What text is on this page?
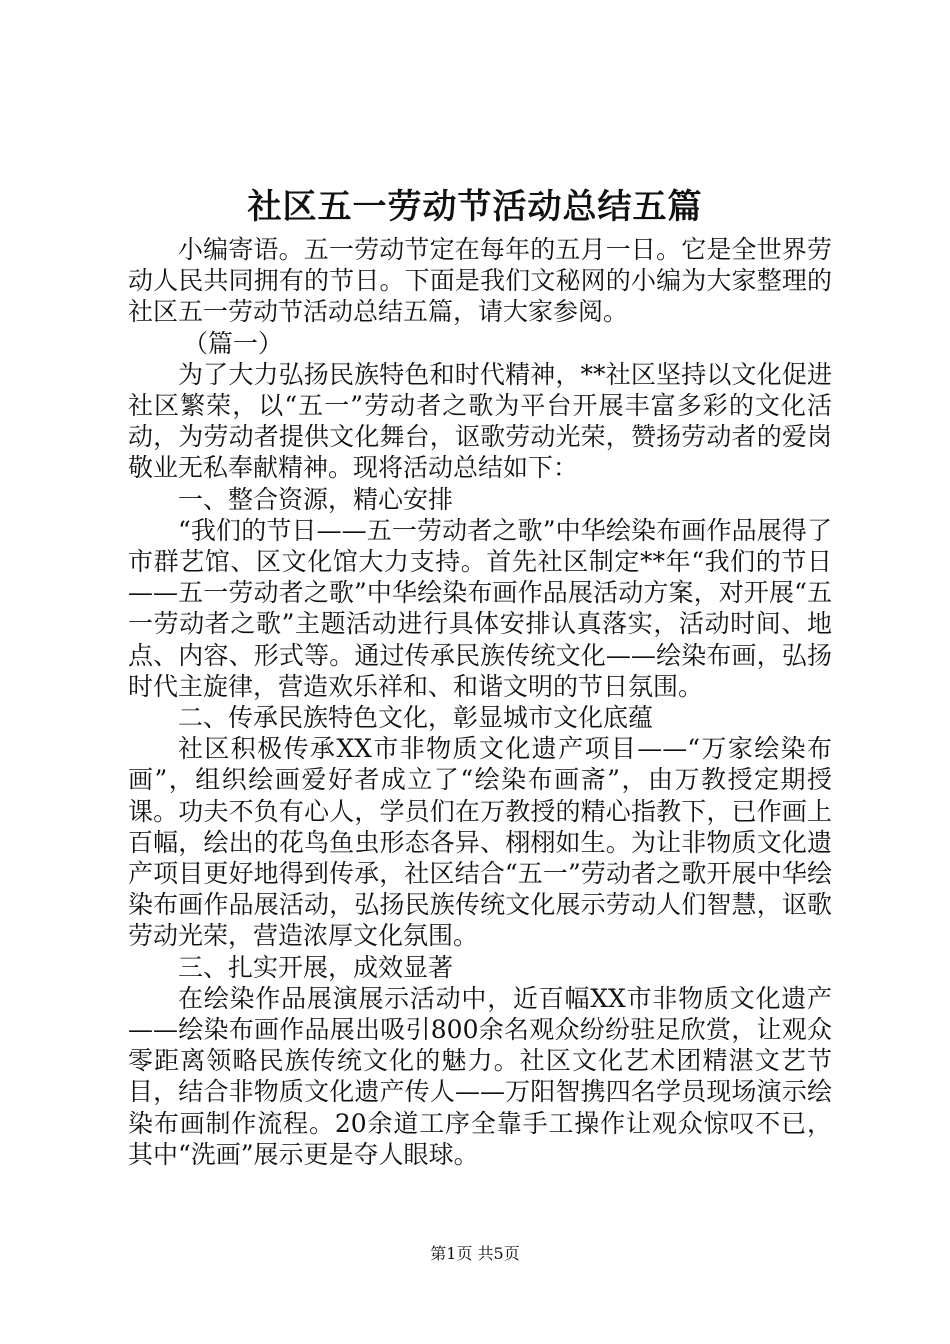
社区五一劳动节活动总结五篇

小编寄语。五一劳动节定在每年的五月一日。它是全世界劳动人民共同拥有的节日。下面是我们文秘网的小编为大家整理的社区五一劳动节活动总结五篇，请大家参阅。

（篇一）

为了大力弘扬民族特色和时代精神，**社区坚持以文化促进社区繁荣，以“五一”劳动者之歌为平台开展丰富多彩的文化活动，为劳动者提供文化舞台，讴歌劳动光荣，赞扬劳动者的爱岗敬业无私奉献精神。现将活动总结如下：

一、整合资源，精心安排

“我们的节日——五一劳动者之歌”中华绘染布画作品展得了市群艺馆、区文化馆大力支持。首先社区制定**年“我们的节日——五一劳动者之歌”中华绘染布画作品展活动方案，对开展“五一劳动者之歌”主题活动进行具体安排认真落实，活动时间、地点、内容、形式等。通过传承民族传统文化——绘染布画，弘扬时代主旋律，营造欢乐祥和、和谐文明的节日氛围。

二、传承民族特色文化，彰显城市文化底蕴

社区积极传承XX市非物质文化遗产项目——“万家绘染布画”，组织绘画爱好者成立了“绘染布画斋”，由万教授定期授课。功夫不负有心人，学员们在万教授的精心指教下，已作画上百幅，绘出的花鸟鱼虫形态各异、栩栩如生。为让非物质文化遗产项目更好地得到传承，社区结合“五一”劳动者之歌开展中华绘染布画作品展活动，弘扬民族传统文化展示劳动人们智慧，讴歌劳动光荣，营造浓厚文化氛围。

三、扎实开展，成效显著

在绘染作品展演展示活动中，近百幅XX市非物质文化遗产——绘染布画作品展出吸引800余名观众纷纷驻足欣赏，让观众零距离领略民族传统文化的魅力。社区文化艺术团精湛文艺节目，结合非物质文化遗产传人——万阳智携四名学员现场演示绘染布画制作流程。20余道工序全靠手工操作让观众惊叹不已，其中“洗画”展示更是夺人眼球。

第1页 共5页
